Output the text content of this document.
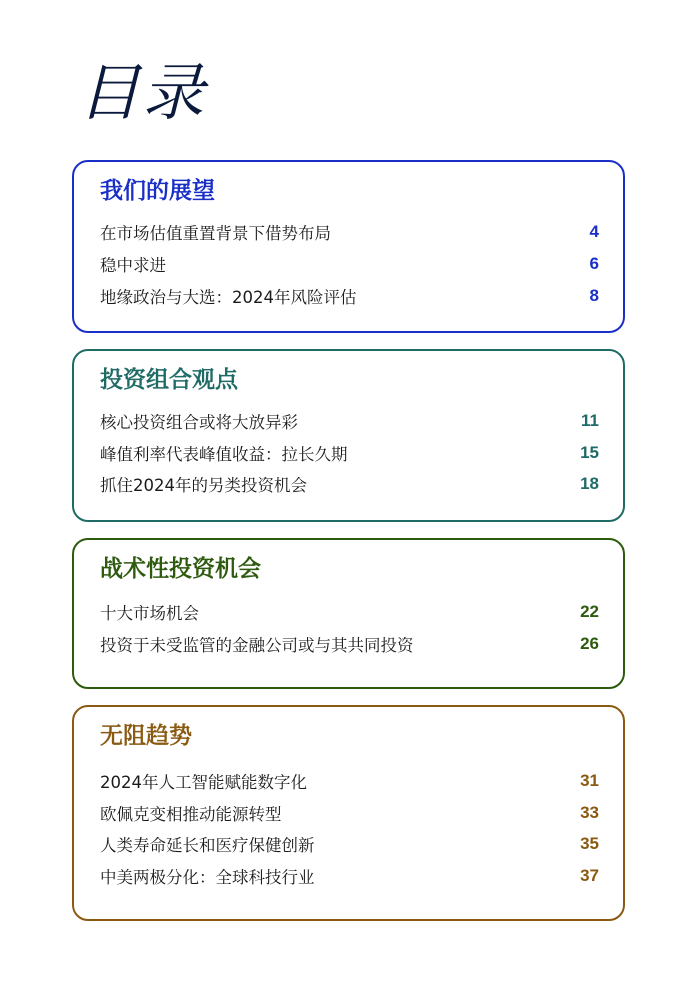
目录
我们的展望
在市场估值重置背景下借势布局	4
稳中求进	6
地缘政治与大选：2024年风险评估	8
投资组合观点
核心投资组合或将大放异彩	11
峰值利率代表峰值收益：拉长久期	15
抓住2024年的另类投资机会	18
战术性投资机会
十大市场机会	22
投资于未受监管的金融公司或与其共同投资	26
无阻趋势
2024年人工智能赋能数字化	31
欧佩克变相推动能源转型	33
人类寿命延长和医疗保健创新	35
中美两极分化：全球科技行业	37
